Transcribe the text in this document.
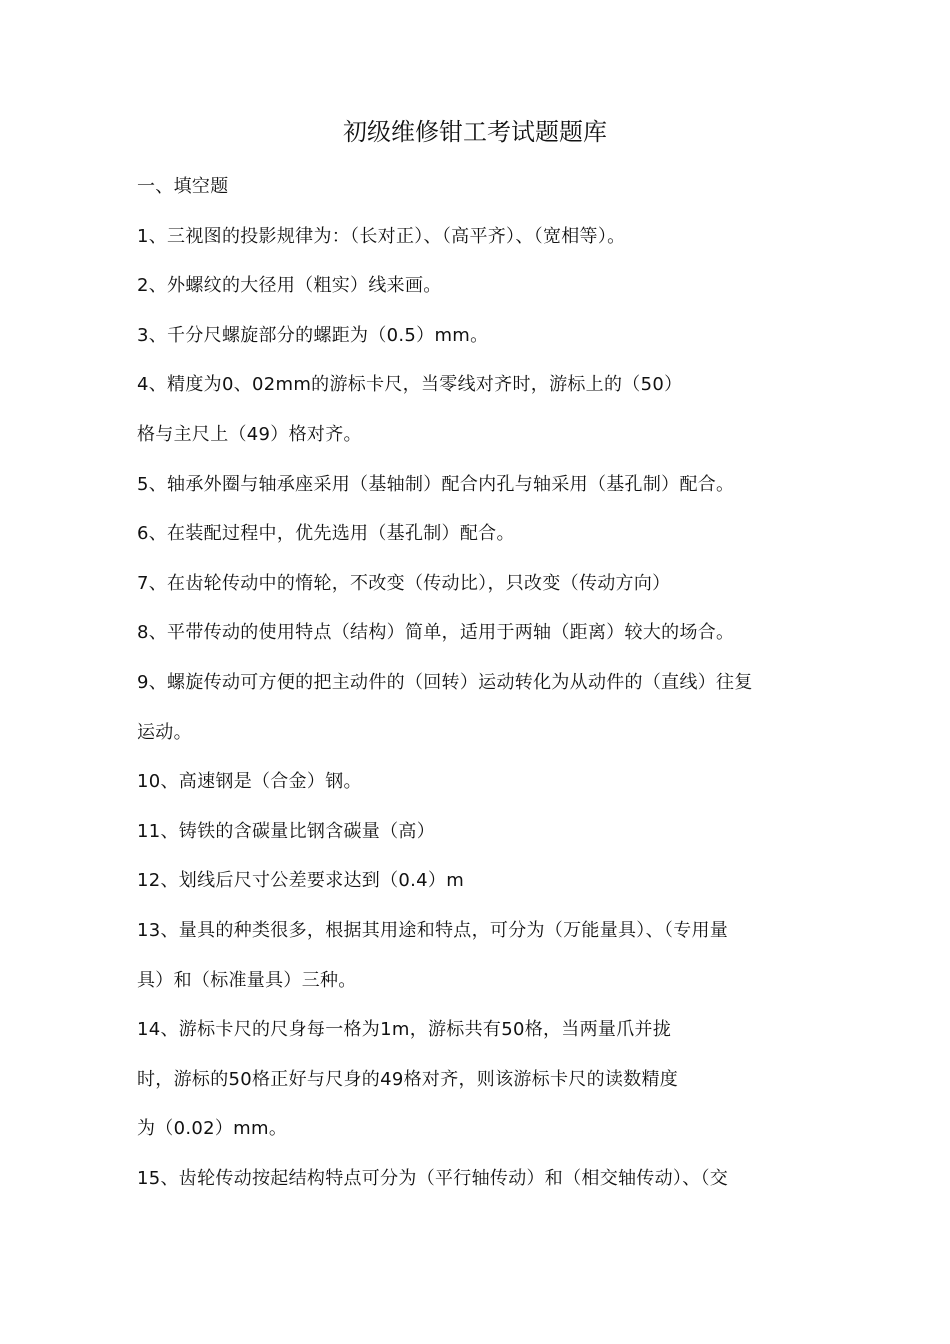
初级维修钳工考试题题库
一、填空题
1、三视图的投影规律为：（长对正）、（高平齐）、（宽相等）。
2、外螺纹的大径用（粗实）线来画。
3、千分尺螺旋部分的螺距为（0.5）mm。
4、精度为0、02mm的游标卡尺，当零线对齐时，游标上的（50）
格与主尺上（49）格对齐。
5、轴承外圈与轴承座采用（基轴制）配合内孔与轴采用（基孔制）配合。
6、在装配过程中，优先选用（基孔制）配合。
7、在齿轮传动中的惰轮，不改变（传动比），只改变（传动方向）
8、平带传动的使用特点（结构）简单，适用于两轴（距离）较大的场合。
9、螺旋传动可方便的把主动件的（回转）运动转化为从动件的（直线）往复
运动。
10、高速钢是（合金）钢。
11、铸铁的含碳量比钢含碳量（高）
12、划线后尺寸公差要求达到（0.4）m
13、量具的种类很多，根据其用途和特点，可分为（万能量具）、（专用量
具）和（标准量具）三种。
14、游标卡尺的尺身每一格为1m，游标共有50格，当两量爪并拢
时，游标的50格正好与尺身的49格对齐，则该游标卡尺的读数精度
为（0.02）mm。
15、齿轮传动按起结构特点可分为（平行轴传动）和（相交轴传动）、（交
